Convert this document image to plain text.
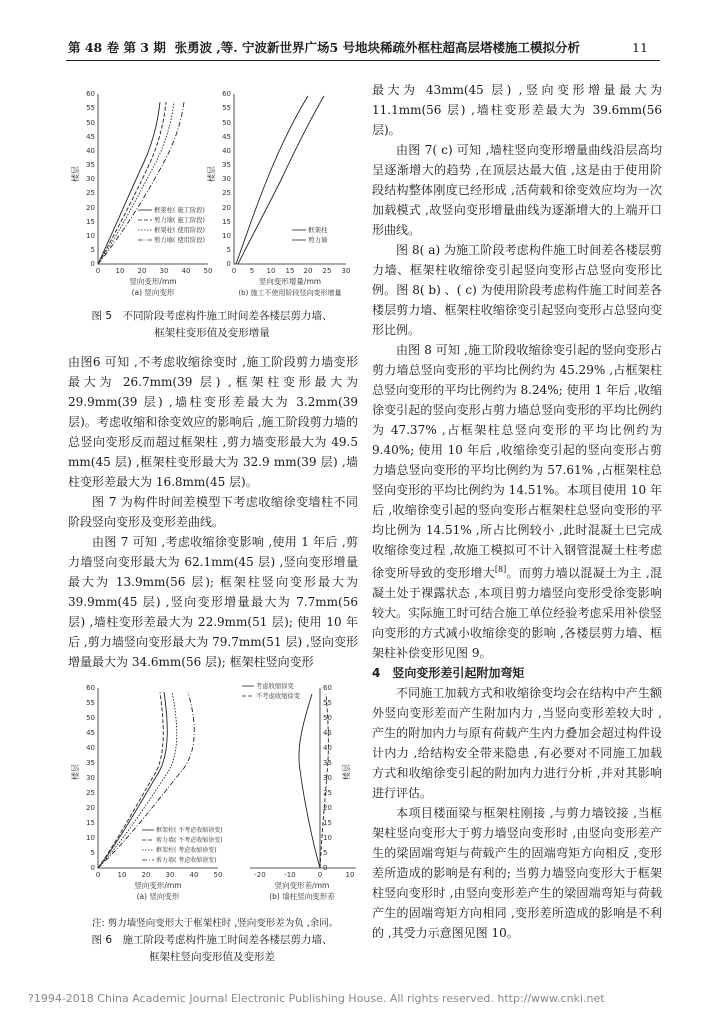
第 48 卷 第 3 期 张勇波 ,等. 宁波新世界广场5 号地块稀疏外框柱超高层塔楼施工模拟分析	11
0
5
10
15
20
25
30
35
40
45
50
55
60
楼层
0 10 20 30 40 50
竖向变形/mm
(a) 竖向变形
框架柱( 施工阶段)
剪力墙( 施工阶段)
框架柱( 使用阶段)
剪力墙( 使用阶段)
0
5
10
15
20
25
30
35
40
45
50
55
60
楼层
0 5 10 15 20 25 30
竖向变形增量/mm
(b) 施工不使用阶段竖向变形增量
框架柱
剪力墙
图 5　不同阶段考虑构件施工时间差各楼层剪力墙、
框架柱变形值及变形增量

由图6 可知 ,不考虑收缩徐变时 ,施工阶段剪力墙变形最大为 26.7mm(39 层) ,框架柱变形最大为 29.9mm(39 层) ,墙柱变形差最大为 3.2mm(39 层)。考虑收缩和徐变效应的影响后 ,施工阶段剪力墙的总竖向变形反而超过框架柱 ,剪力墙变形最大为 49.5 mm(45 层) ,框架柱变形最大为 32.9 mm(39 层) ,墙柱变形差最大为 16.8mm(45 层)。

图 7 为构件时间差模型下考虑收缩徐变墙柱不同阶段竖向变形及变形差曲线。

由图 7 可知 ,考虑收缩徐变影响 ,使用 1 年后 ,剪力墙竖向变形最大为 62.1mm(45 层) ,竖向变形增量最大为 13.9mm(56 层); 框架柱竖向变形最大为 39.9mm(45 层) ,竖向变形增量最大为 7.7mm(56 层) ,墙柱变形差最大为 22.9mm(51 层); 使用 10 年后 ,剪力墙竖向变形最大为 79.7mm(51 层) ,竖向变形增量最大为 34.6mm(56 层); 框架柱竖向变形

0
5
10
15
20
25
30
35
40
45
50
55
60
楼层
0 10 20 30 40 50
竖向变形/mm
(a) 竖向变形
框架柱( 不考虑收缩徐变)
剪力墙( 不考虑收缩徐变)
框架柱( 考虑收缩徐变)
剪力墙( 考虑收缩徐变)
0
5
10
15
20
25
30
35
40
45
50
55
60
楼层
-20	-10	0	10
竖向变形差/mm
(b) 墙柱竖向变形差
考虑收缩徐变
不考虑收缩徐变
注: 剪力墙竖向变形大于框架柱时 ,竖向变形差为负 ,余同。
图 6　施工阶段考虑构件施工时间差各楼层剪力墙、
框架柱竖向变形值及变形差

最大为 43mm(45 层) ,竖向变形增量最大为 11.1mm(56 层) ,墙柱变形差最大为 39.6mm(56 层)。

由图 7( c) 可知 ,墙柱竖向变形增量曲线沿层高均呈逐渐增大的趋势 ,在顶层达最大值 ,这是由于使用阶段结构整体刚度已经形成 ,活荷载和徐变效应均为一次加载模式 ,故竖向变形增量曲线为逐渐增大的上端开口形曲线。

图 8( a) 为施工阶段考虑构件施工时间差各楼层剪力墙、框架柱收缩徐变引起竖向变形占总竖向变形比例。图 8( b) 、( c) 为使用阶段考虑构件施工时间差各楼层剪力墙、框架柱收缩徐变引起竖向变形占总竖向变形比例。

由图 8 可知 ,施工阶段收缩徐变引起的竖向变形占剪力墙总竖向变形的平均比例约为 45.29% ,占框架柱总竖向变形的平均比例约为 8.24%; 使用 1 年后 ,收缩徐变引起的竖向变形占剪力墙总竖向变形的平均比例约为 47.37% ,占框架柱总竖向变形的平均比例约为 9.40%; 使用 10 年后 ,收缩徐变引起的竖向变形占剪力墙总竖向变形的平均比例约为 57.61% ,占框架柱总竖向变形的平均比例约为 14.51%。本项目使用 10 年后 ,收缩徐变引起的竖向变形占框架柱总竖向变形的平均比例为 14.51% ,所占比例较小 ,此时混凝土已完成收缩徐变过程 ,故施工模拟可不计入钢管混凝土柱考虑徐变所导致的变形增大[8]。而剪力墙以混凝土为主 ,混凝土处于裸露状态 ,本项目剪力墙竖向变形受徐变影响较大。实际施工时可结合施工单位经验考虑采用补偿竖向变形的方式减小收缩徐变的影响 ,各楼层剪力墙、框架柱补偿变形见图 9。

4　竖向变形差引起附加弯矩

不同施工加载方式和收缩徐变均会在结构中产生额外竖向变形差而产生附加内力 ,当竖向变形差较大时 ,产生的附加内力与原有荷载产生内力叠加会超过构件设计内力 ,给结构安全带来隐患 ,有必要对不同施工加载方式和收缩徐变引起的附加内力进行分析 ,并对其影响进行评估。

本项目楼面梁与框架柱刚接 ,与剪力墙铰接 ,当框架柱竖向变形大于剪力墙竖向变形时 ,由竖向变形差产生的梁固端弯矩与荷载产生的固端弯矩方向相反 ,变形差所造成的影响是有利的; 当剪力墙竖向变形大于框架柱竖向变形时 ,由竖向变形差产生的梁固端弯矩与荷载产生的固端弯矩方向相同 ,变形差所造成的影响是不利的 ,其受力示意图见图 10。

?1994-2018 China Academic Journal Electronic Publishing House. All rights reserved. http://www.cnki.net
